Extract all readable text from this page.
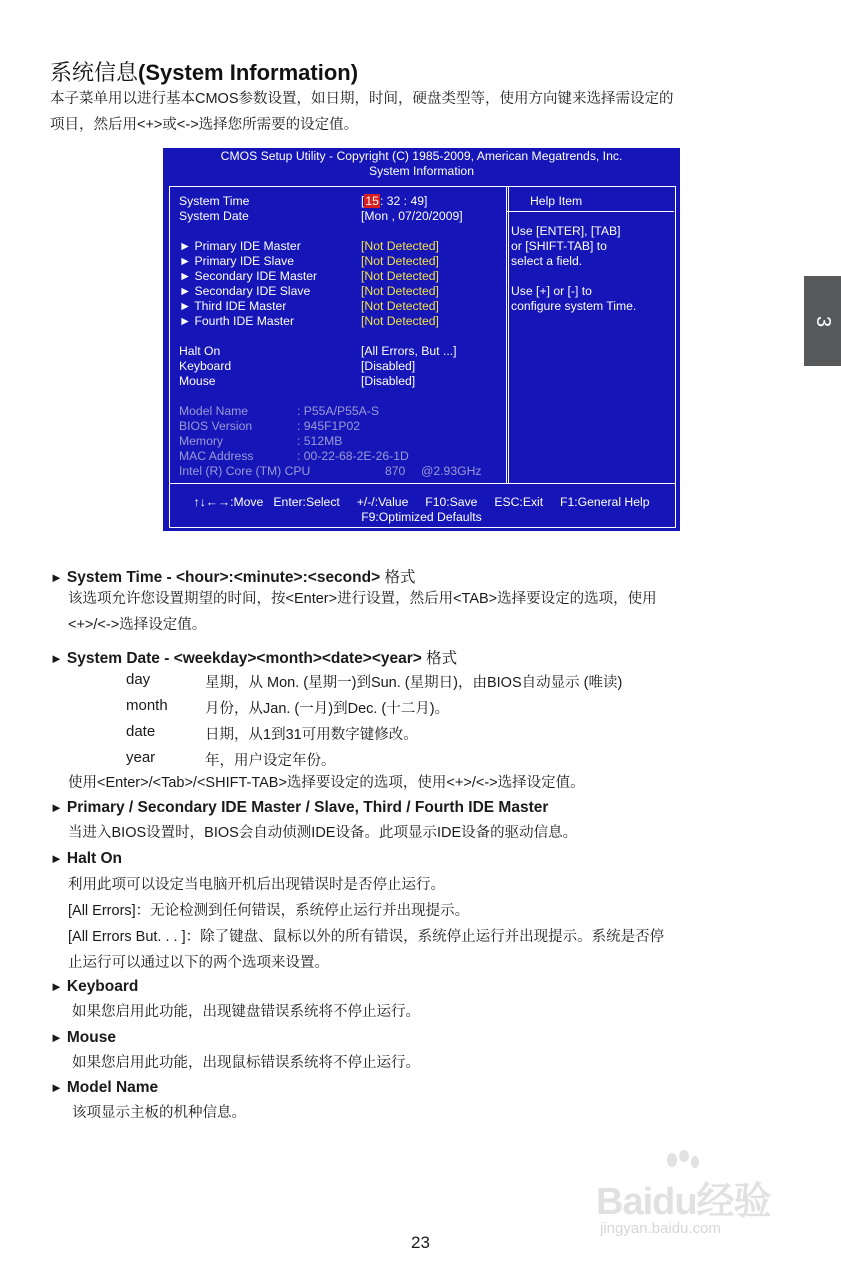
系统信息(System Information)
本子菜单用以进行基本CMOS参数设置，如日期，时间，硬盘类型等，使用方向键来选择需设定的
项目，然后用<+>或<->选择您所需要的设定值。
CMOS Setup Utility - Copyright (C) 1985-2009, American Megatrends, Inc.
System Information
System Time	[15: 32 : 49]
System Date	[Mon , 07/20/2009]
► Primary IDE Master	[Not Detected]
► Primary IDE Slave	[Not Detected]
► Secondary IDE Master	[Not Detected]
► Secondary IDE Slave	[Not Detected]
► Third IDE Master	[Not Detected]
► Fourth IDE Master	[Not Detected]
Halt On	[All Errors, But ...]
Keyboard	[Disabled]
Mouse	[Disabled]
Model Name	: P55A/P55A-S
BIOS Version	: 945F1P02
Memory	: 512MB
MAC Address	: 00-22-68-2E-26-1D
Intel (R) Core (TM) CPU	870 @2.93GHz
Help Item
Use [ENTER], [TAB]
or [SHIFT-TAB] to
select a field.
Use [+] or [-] to
configure system Time.
↑↓←→:Move   Enter:Select     +/-/:Value     F10:Save     ESC:Exit     F1:General Help
F9:Optimized Defaults
3
► System Time - <hour>:<minute>:<second> 格式
该选项允许您设置期望的时间，按<Enter>进行设置，然后用<TAB>选择要设定的选项，使用
<+>/<->选择设定值。
► System Date - <weekday><month><date><year> 格式
day	星期，从 Mon. (星期一)到Sun. (星期日)，由BIOS自动显示 (唯读)
month	月份，从Jan. (一月)到Dec. (十二月)。
date	日期，从1到31可用数字键修改。
year	年，用户设定年份。
使用<Enter>/<Tab>/<SHIFT-TAB>选择要设定的选项，使用<+>/<->选择设定值。
► Primary / Secondary IDE Master / Slave, Third / Fourth IDE Master
当进入BIOS设置时，BIOS会自动侦测IDE设备。此项显示IDE设备的驱动信息。
► Halt On
利用此项可以设定当电脑开机后出现错误时是否停止运行。
[All Errors]：无论检测到任何错误，系统停止运行并出现提示。
[All Errors But. . . ]：除了键盘、鼠标以外的所有错误，系统停止运行并出现提示。系统是否停
止运行可以通过以下的两个选项来设置。
► Keyboard
如果您启用此功能，出现键盘错误系统将不停止运行。
► Mouse
如果您启用此功能，出现鼠标错误系统将不停止运行。
► Model Name
该项显示主板的机种信息。
Baidu经验
jingyan.baidu.com
23
